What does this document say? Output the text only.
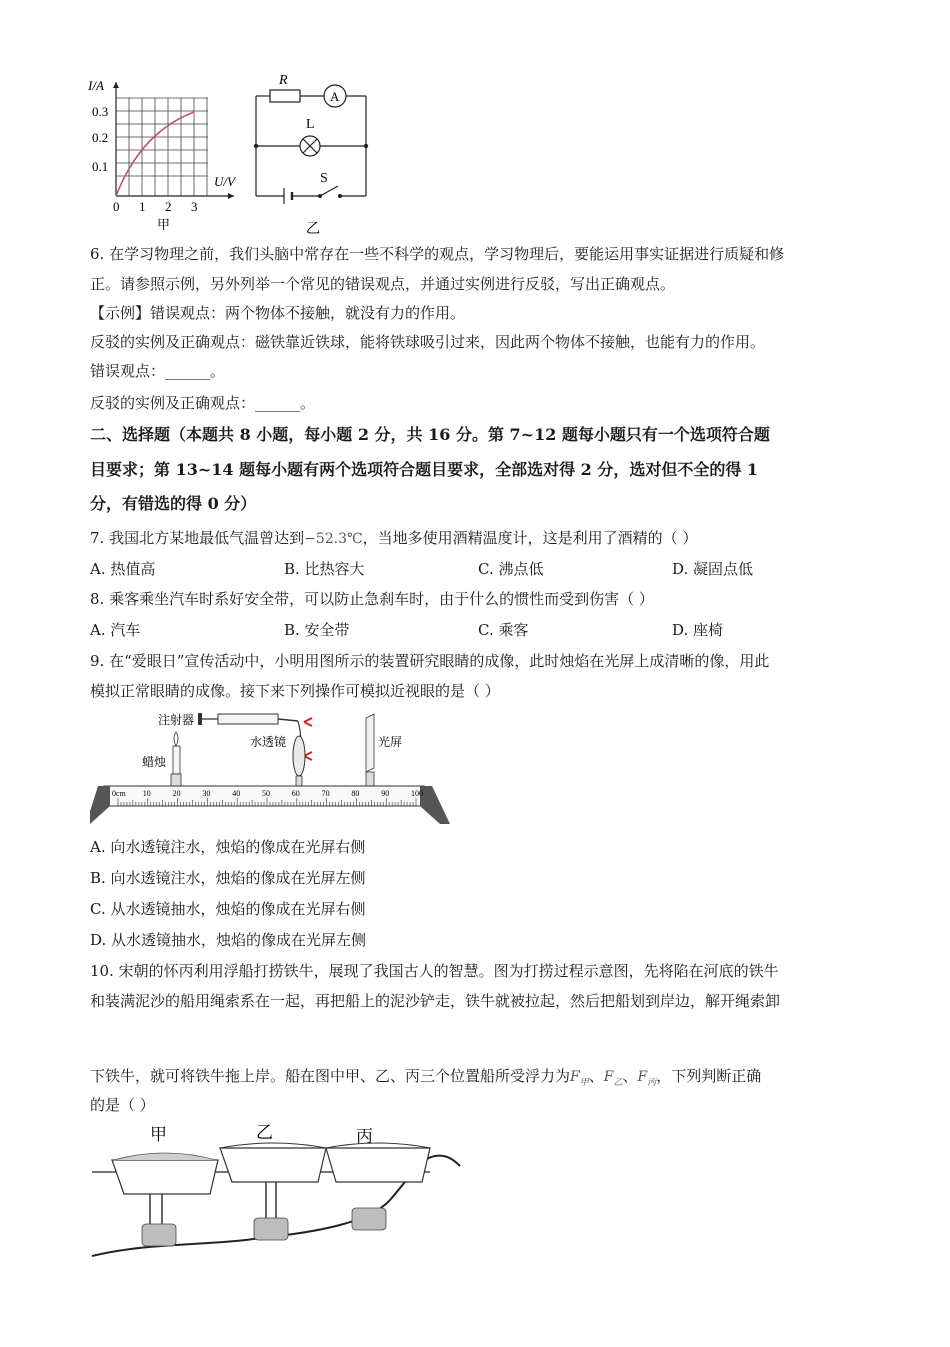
I/A
0.3
0.2
0.1
U/V
0 1 2 3
甲
R
A
L
S
乙
6. 在学习物理之前，我们头脑中常存在一些不科学的观点，学习物理后，要能运用事实证据进行质疑和修
正。请参照示例，另外列举一个常见的错误观点，并通过实例进行反驳，写出正确观点。
【示例】错误观点：两个物体不接触，就没有力的作用。
反驳的实例及正确观点：磁铁靠近铁球，能将铁球吸引过来，因此两个物体不接触，也能有力的作用。
错误观点：______。
反驳的实例及正确观点：______。
二、选择题（本题共 8 小题，每小题 2 分，共 16 分。第 7~12 题每小题只有一个选项符合题
目要求；第 13~14 题每小题有两个选项符合题目要求，全部选对得 2 分，选对但不全的得 1
分，有错选的得 0 分）
7. 我国北方某地最低气温曾达到−52.3℃，当地多使用酒精温度计，这是利用了酒精的（ ）
A. 热值高	B. 比热容大	C. 沸点低	D. 凝固点低
8. 乘客乘坐汽车时系好安全带，可以防止急刹车时，由于什么的惯性而受到伤害（ ）
A. 汽车	B. 安全带	C. 乘客	D. 座椅
9. 在“爱眼日”宣传活动中，小明用图所示的装置研究眼睛的成像，此时烛焰在光屏上成清晰的像，用此
模拟正常眼睛的成像。接下来下列操作可模拟近视眼的是（ ）
注射器
水透镜
蜡烛
光屏
0cm 10	20	30	40	50	60	70	80	90	100
A. 向水透镜注水，烛焰的像成在光屏右侧
B. 向水透镜注水，烛焰的像成在光屏左侧
C. 从水透镜抽水，烛焰的像成在光屏右侧
D. 从水透镜抽水，烛焰的像成在光屏左侧
10. 宋朝的怀丙利用浮船打捞铁牛，展现了我国古人的智慧。图为打捞过程示意图，先将陷在河底的铁牛
和装满泥沙的船用绳索系在一起，再把船上的泥沙铲走，铁牛就被拉起，然后把船划到岸边，解开绳索卸
下铁牛，就可将铁牛拖上岸。船在图中甲、乙、丙三个位置船所受浮力为$F_甲$、$F_乙$、$F_丙$，下列判断正确
的是（ ）
甲	乙	丙
